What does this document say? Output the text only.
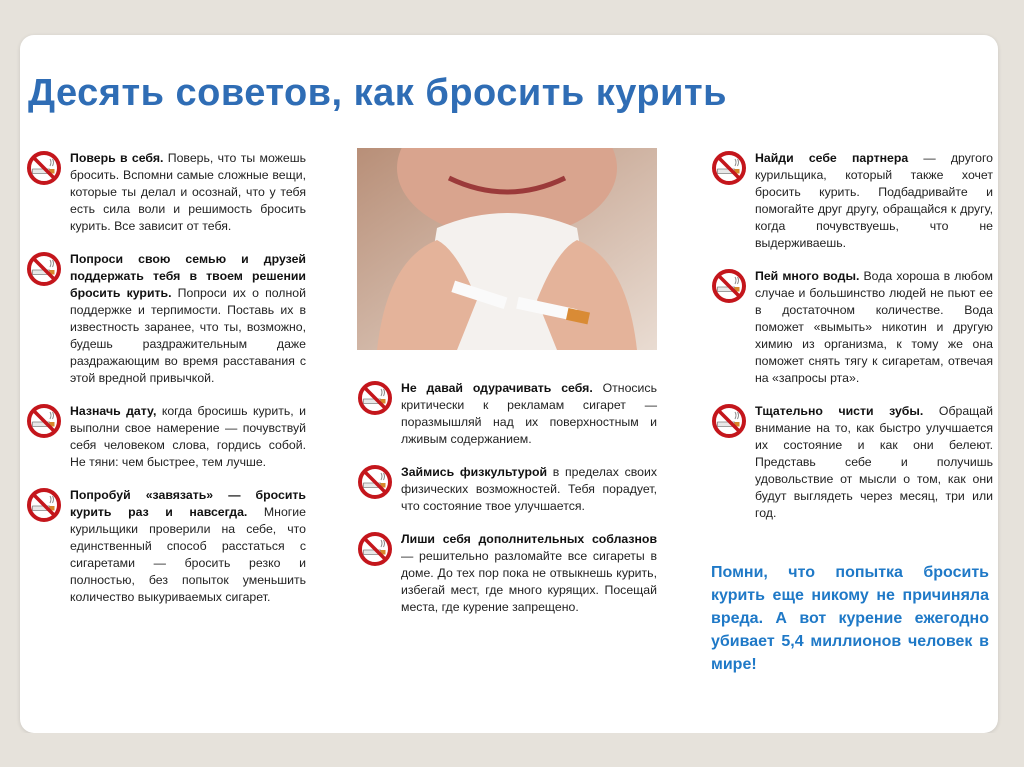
Десять советов, как бросить курить
Поверь в себя. Поверь, что ты можешь бросить. Вспомни самые сложные вещи, которые ты делал и осознай, что у тебя есть сила воли и решимость бросить курить. Все зависит от тебя.
Попроси свою семью и друзей поддержать тебя в твоем решении бросить курить. Попроси их о полной поддержке и терпимости. Поставь их в известность заранее, что ты, возможно, будешь раздражительным даже раздражающим во время расставания с этой вредной привычкой.
Назначь дату, когда бросишь курить, и выполни свое намерение — почувствуй себя человеком слова, гордись собой. Не тяни: чем быстрее, тем лучше.
Попробуй «завязать» — бросить курить раз и навсегда. Многие курильщики проверили на себе, что единственный способ расстаться с сигаретами — бросить резко и полностью, без попыток уменьшить количество выкуриваемых сигарет.
Не давай одурачивать себя. Относись критически к рекламам сигарет — поразмышляй над их поверхностным и лживым содержанием.
Займись физкультурой в пределах своих физических возможностей. Тебя порадует, что состояние твое улучшается.
Лиши себя дополнительных соблазнов — решительно разломайте все сигареты в доме. До тех пор пока не отвыкнешь курить, избегай мест, где много курящих. Посещай места, где курение запрещено.
Найди себе партнера — другого курильщика, который также хочет бросить курить. Подбадривайте и помогайте друг другу, обращайся к другу, когда почувствуешь, что не выдерживаешь.
Пей много воды. Вода хороша в любом случае и большинство людей не пьют ее в достаточном количестве. Вода поможет «вымыть» никотин и другую химию из организма, к тому же она поможет снять тягу к сигаретам, отвечая на «запросы рта».
Тщательно чисти зубы. Обращай внимание на то, как быстро улучшается их состояние и как они белеют. Представь себе и получишь удовольствие от мысли о том, как они будут выглядеть через месяц, три или год.
Помни, что попытка бросить курить еще никому не причиняла вреда. А вот курение ежегодно убивает 5,4 миллионов человек в мире!
